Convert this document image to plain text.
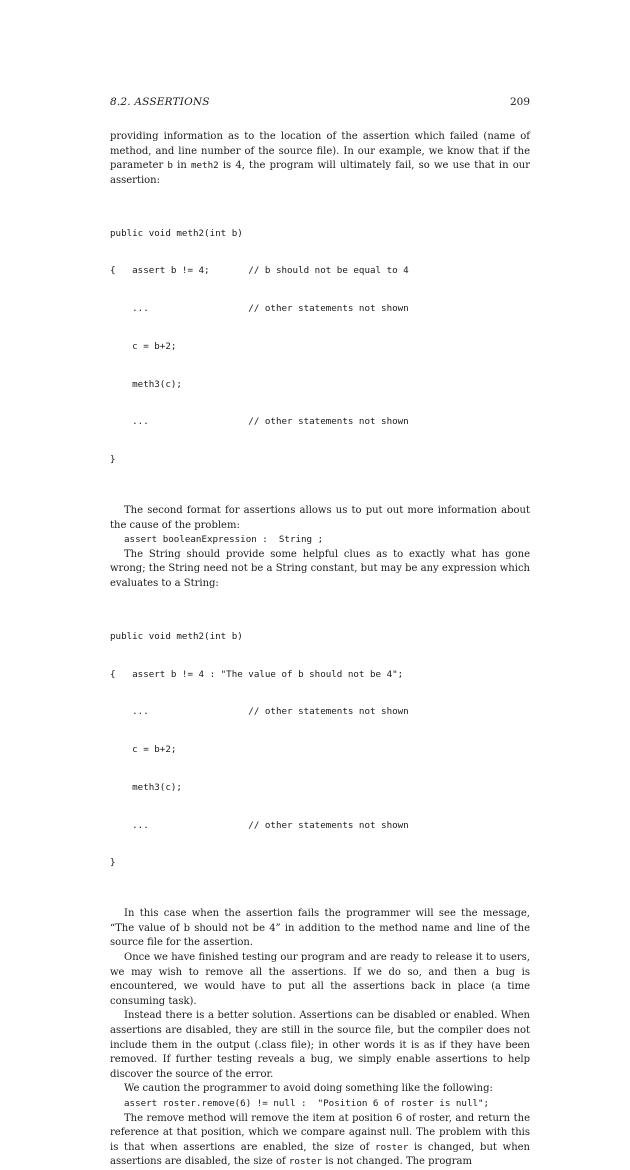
8.2. ASSERTIONS	209

providing information as to the location of the assertion which failed (name of method, and line number of the source file). In our example, we know that if the parameter b in meth2 is 4, the program will ultimately fail, so we use that in our assertion:

public void meth2(int b)

{   assert b != 4;       // b should not be equal to 4

...                  // other statements not shown

c = b+2;

meth3(c);

...                  // other statements not shown

}

The second format for assertions allows us to put out more information about the cause of the problem:

assert booleanExpression :  String ;

The String should provide some helpful clues as to exactly what has gone wrong; the String need not be a String constant, but may be any expression which evaluates to a String:

public void meth2(int b)

{   assert b != 4 : "The value of b should not be 4";

...                  // other statements not shown

c = b+2;

meth3(c);

...                  // other statements not shown

}

In this case when the assertion fails the programmer will see the message, “The value of b should not be 4” in addition to the method name and line of the source file for the assertion.

Once we have finished testing our program and are ready to release it to users, we may wish to remove all the assertions. If we do so, and then a bug is encountered, we would have to put all the assertions back in place (a time consuming task).

Instead there is a better solution. Assertions can be disabled or enabled. When assertions are disabled, they are still in the source file, but the compiler does not include them in the output (.class file); in other words it is as if they have been removed. If further testing reveals a bug, we simply enable assertions to help discover the source of the error.

We caution the programmer to avoid doing something like the following:

assert roster.remove(6) != null :  "Position 6 of roster is null";

The remove method will remove the item at position 6 of roster, and return the reference at that position, which we compare against null. The problem with this is that when assertions are enabled, the size of roster is changed, but when assertions are disabled, the size of roster is not changed. The program
